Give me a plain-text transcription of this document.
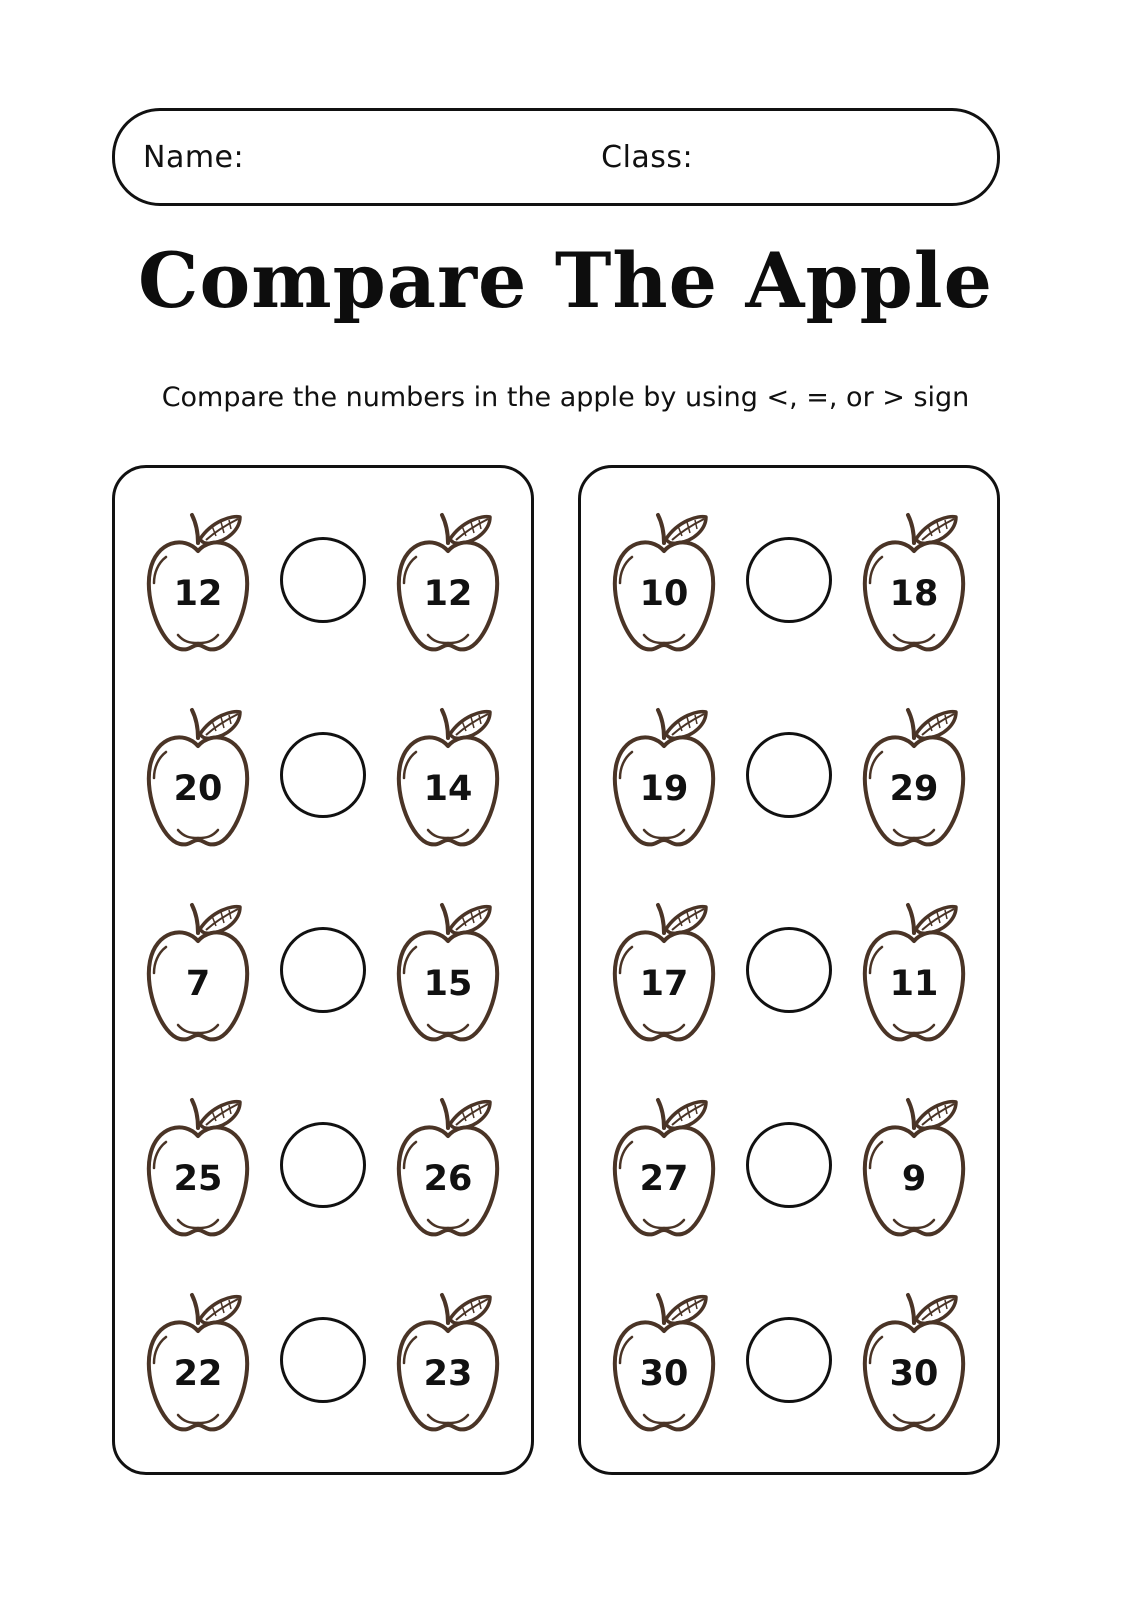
Name:	Class:
Compare The Apple
Compare the numbers in the apple by using <, =, or > sign
12	12
20	14
7	15
25	26
22	23
10	18
19	29
17	11
27	9
30	30
